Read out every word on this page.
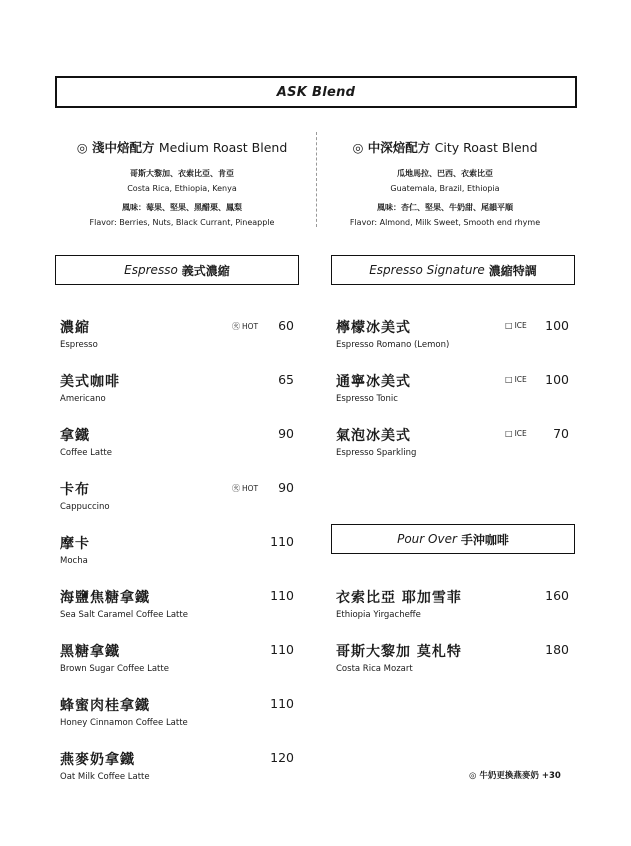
ASK Blend
◎ 淺中焙配方 Medium Roast Blend
哥斯大黎加、衣索比亞、肯亞
Costa Rica, Ethiopia, Kenya
風味：莓果、堅果、黑醋栗、鳳梨
Flavor: Berries, Nuts, Black Currant, Pineapple
◎ 中深焙配方 City Roast Blend
瓜地馬拉、巴西、衣索比亞
Guatemala, Brazil, Ethiopia
風味：杏仁、堅果、牛奶甜、尾韻平順
Flavor: Almond, Milk Sweet, Smooth end rhyme
Espresso 義式濃縮	Espresso Signature 濃縮特調
Pour Over 手沖咖啡
濃縮
Espresso
㊋ HOT 60
美式咖啡
Americano
65
拿鐵
Coffee Latte
90
卡布
Cappuccino
㊋ HOT 90
摩卡
Mocha
110
海鹽焦糖拿鐵
Sea Salt Caramel Coffee Latte
110
黑糖拿鐵
Brown Sugar Coffee Latte
110
蜂蜜肉桂拿鐵
Honey Cinnamon Coffee Latte
110
燕麥奶拿鐵
Oat Milk Coffee Latte
120
檸檬冰美式
Espresso Romano (Lemon)
□ ICE 100
通寧冰美式
Espresso Tonic
□ ICE 100
氣泡冰美式
Espresso Sparkling
□ ICE 70
衣索比亞 耶加雪菲
Ethiopia Yirgacheffe
160
哥斯大黎加 莫札特
Costa Rica Mozart
180
◎ 牛奶更換燕麥奶 +30
